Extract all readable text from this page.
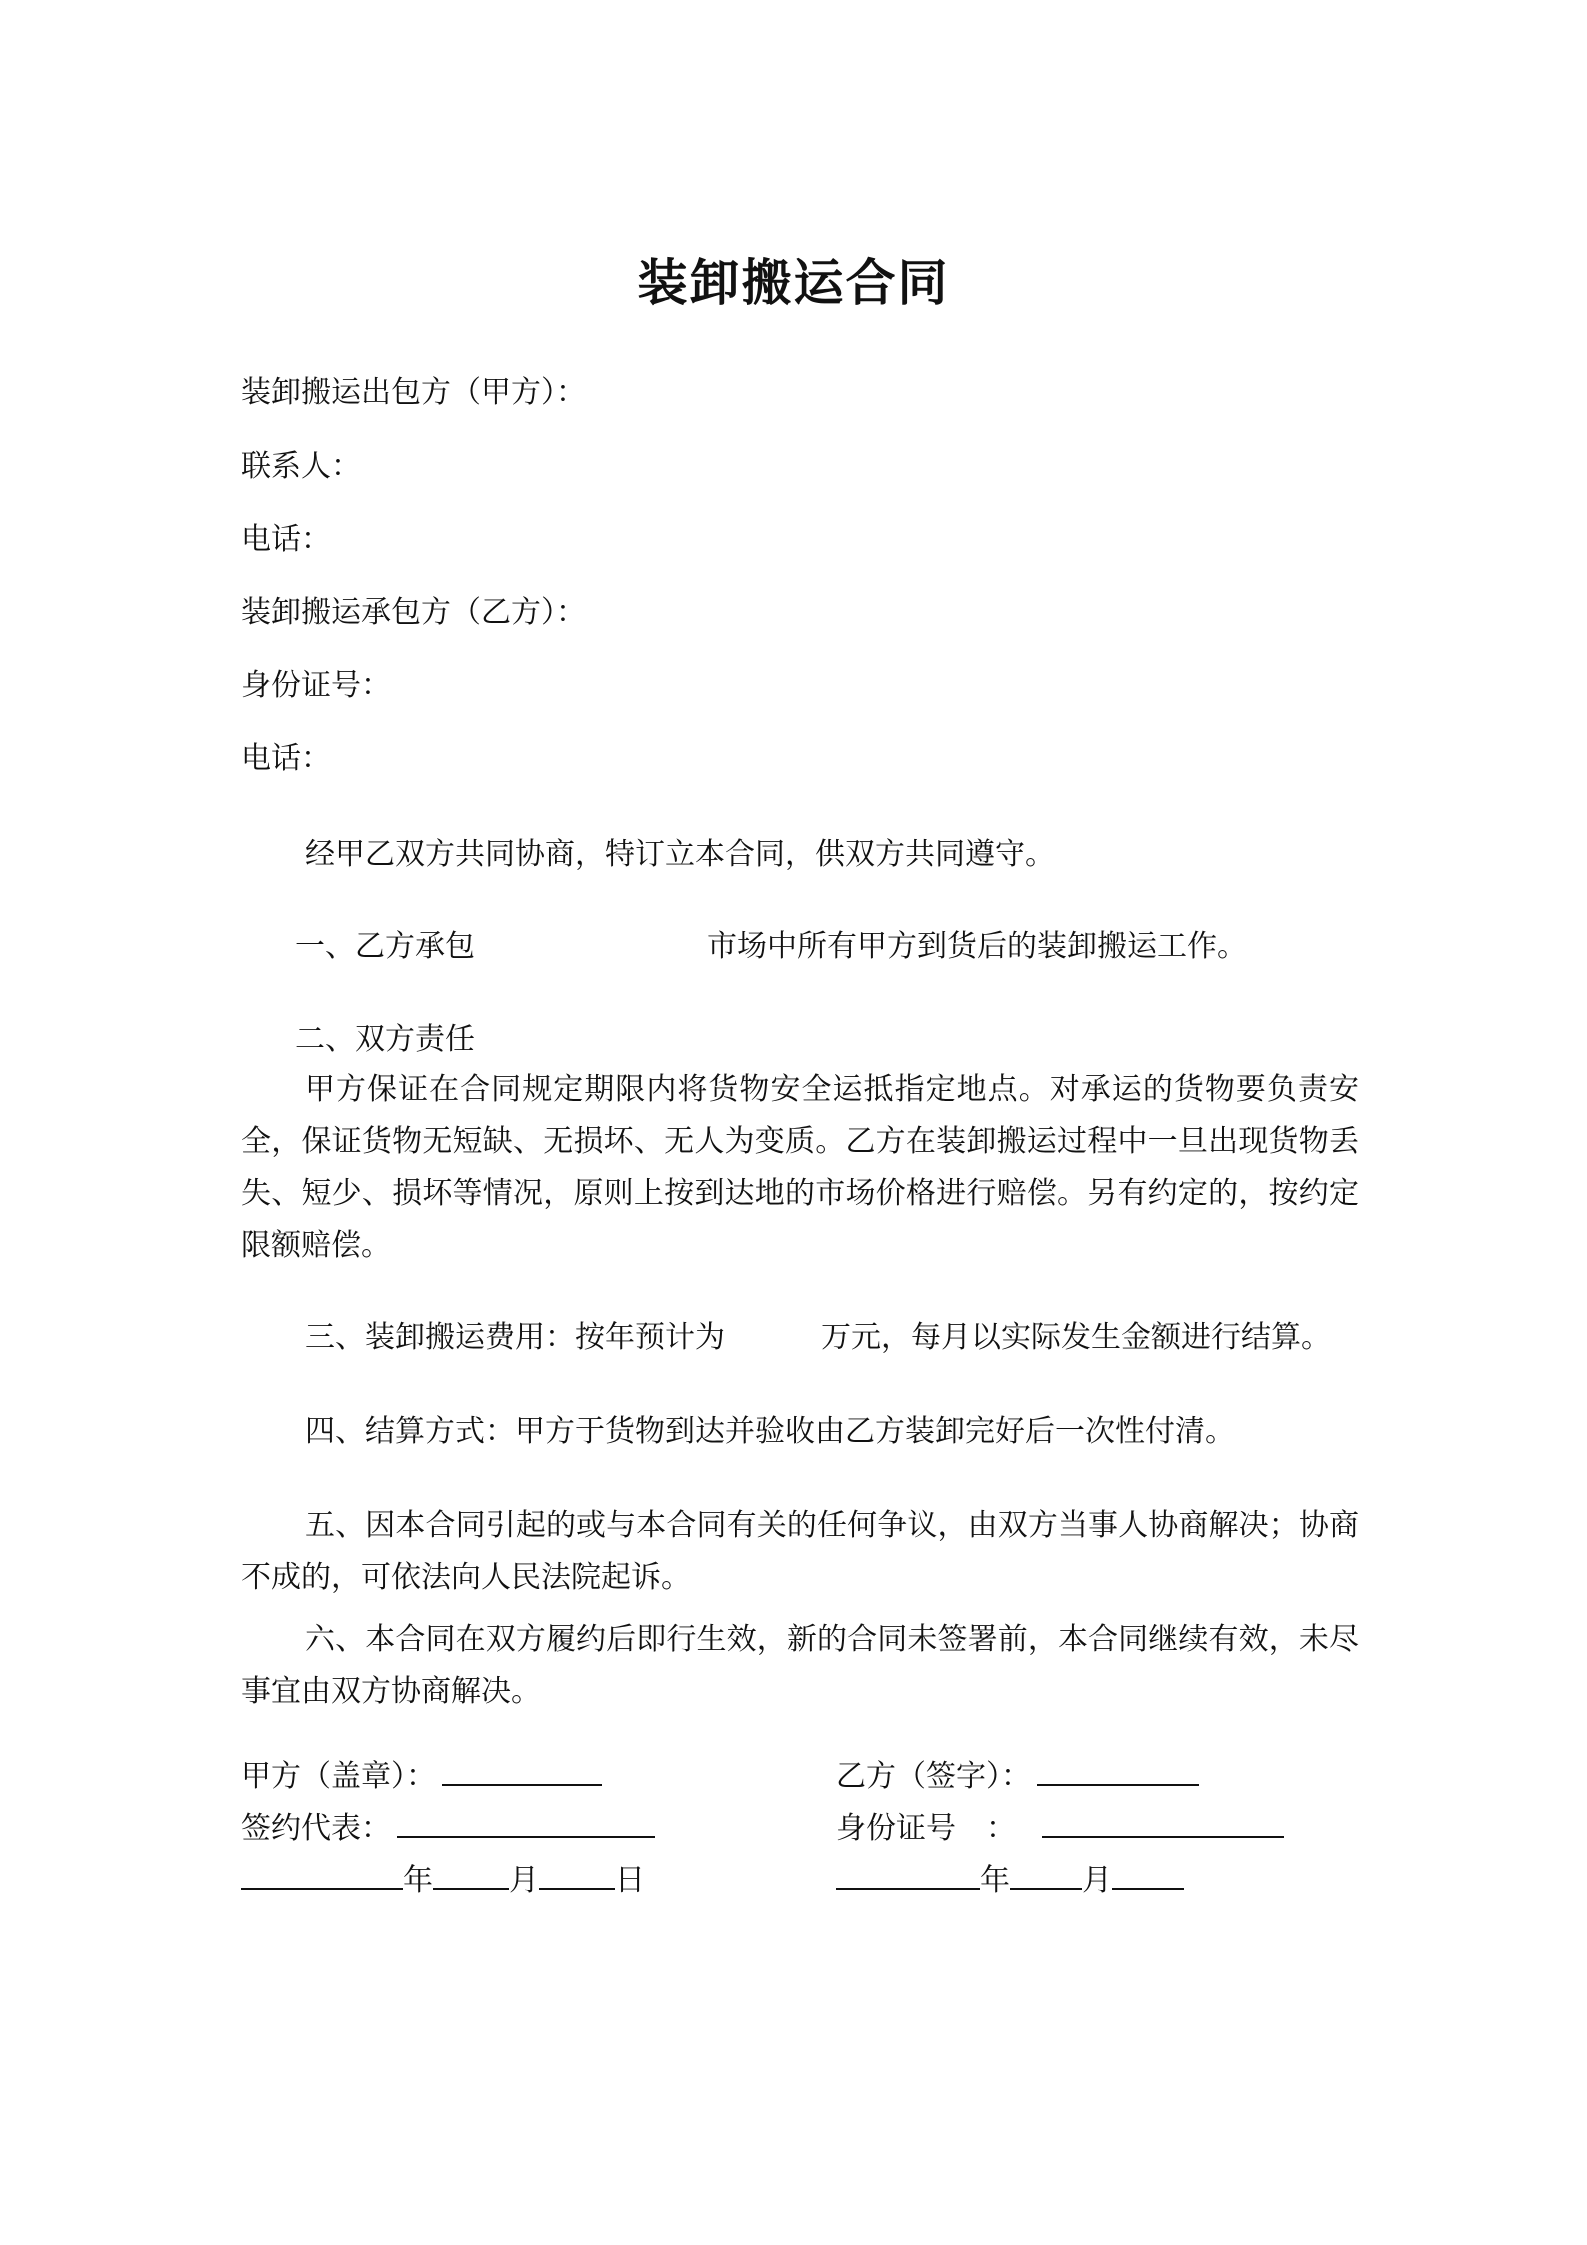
装卸搬运合同
装卸搬运出包方（甲方）：
联系人：
电话：
装卸搬运承包方（乙方）：
身份证号：
电话：
经甲乙双方共同协商，特订立本合同，供双方共同遵守。
一、乙方承包	市场中所有甲方到货后的装卸搬运工作。
二、双方责任
甲方保证在合同规定期限内将货物安全运抵指定地点。对承运的货物要负责安全，保证货物无短缺、无损坏、无人为变质。乙方在装卸搬运过程中一旦出现货物丢失、短少、损坏等情况，原则上按到达地的市场价格进行赔偿。另有约定的，按约定限额赔偿。
三、装卸搬运费用：按年预计为	万元，每月以实际发生金额进行结算。
四、结算方式：甲方于货物到达并验收由乙方装卸完好后一次性付清。
五、因本合同引起的或与本合同有关的任何争议，由双方当事人协商解决；协商不成的，可依法向人民法院起诉。
六、本合同在双方履约后即行生效，新的合同未签署前，本合同继续有效，未尽事宜由双方协商解决。
甲方（盖章）：
签约代表：
年	月	日
乙方（签字）：
身份证号　：
年 月
